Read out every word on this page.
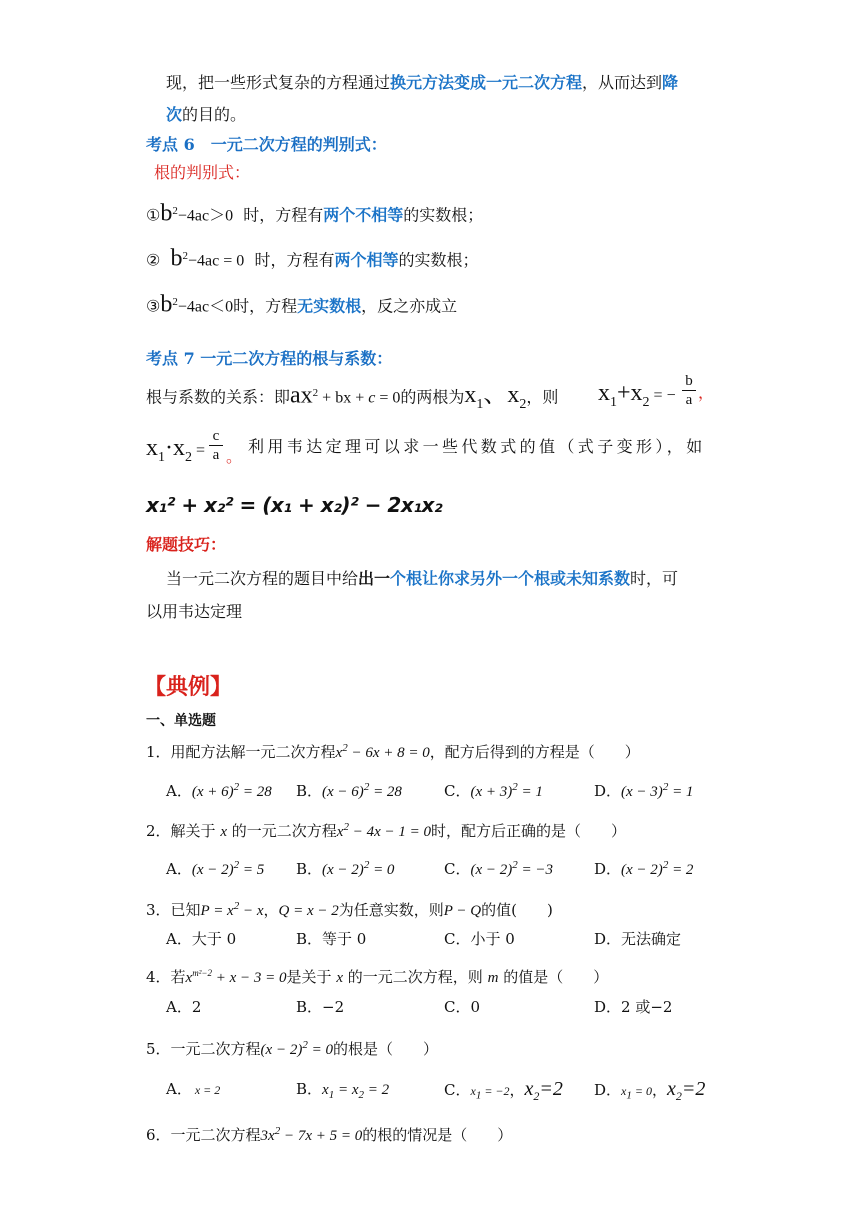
现，把一些形式复杂的方程通过换元方法变成一元二次方程，从而达到降
次的目的。
考点 6　一元二次方程的判别式：
根的判别式：
$①b^2-4ac>0$ 时，方程有两个不相等的实数根；
② $b^2-4ac = 0$ 时，方程有两个相等的实数根；
$③b^2-4ac<0$时，方程无实数根，反之亦成立
考点 7 一元二次方程的根与系数：
根与系数的关系：即$ax^2$ + bx + c = 0的两根为$x_1$、$x_2$，则 $x_1+x_2$ = − $\frac{b}{a}$ ，
$x_1\cdot x_2 = \frac{c}{a}$ 。
利用韦达定理可以求一些代数式的值（式子变形），如
x₁² + x₂² = (x₁ + x₂)² − 2x₁x₂
解题技巧：
当一元二次方程的题目中给出一个根让你求另外一个根或未知系数时，可
以用韦达定理
【典例】
一、单选题
1．用配方法解一元二次方程$x^2 - 6x + 8 = 0$，配方后得到的方程是（　　）
A．$(x + 6)^2 = 28$ B．$(x - 6)^2 = 28$	C．$(x + 3)^2 = 1$	D．$(x - 3)^2 = 1$
2．解关于 x 的一元二次方程$x^2 - 4x - 1 = 0$时，配方后正确的是（　　）
A．$(x - 2)^2 = 5$ B．$(x - 2)^2 = 0$	C．$(x - 2)^2 = -3$	D．$(x - 2)^2 = 2$
3．已知$P = x^2 - x$，Q = x − 2为任意实数，则P − Q的值(　　)
A．大于 0	B．等于 0	C．小于 0	D．无法确定
4．若$x^{m^2-2} + x - 3 = 0$是关于 x 的一元二次方程，则 m 的值是（　　）
A．2	B．−2	C．0	D．2 或−2
5．一元二次方程$(x - 2)^2 = 0$的根是（　　）
A． x = 2	B．$x_1 = x_2 = 2$	C．$x_1 = -2$，$x_2=2$ D．$x_1 = 0$，$x_2=2$
6．一元二次方程$3x^2 - 7x + 5 = 0$的根的情况是（　　）
